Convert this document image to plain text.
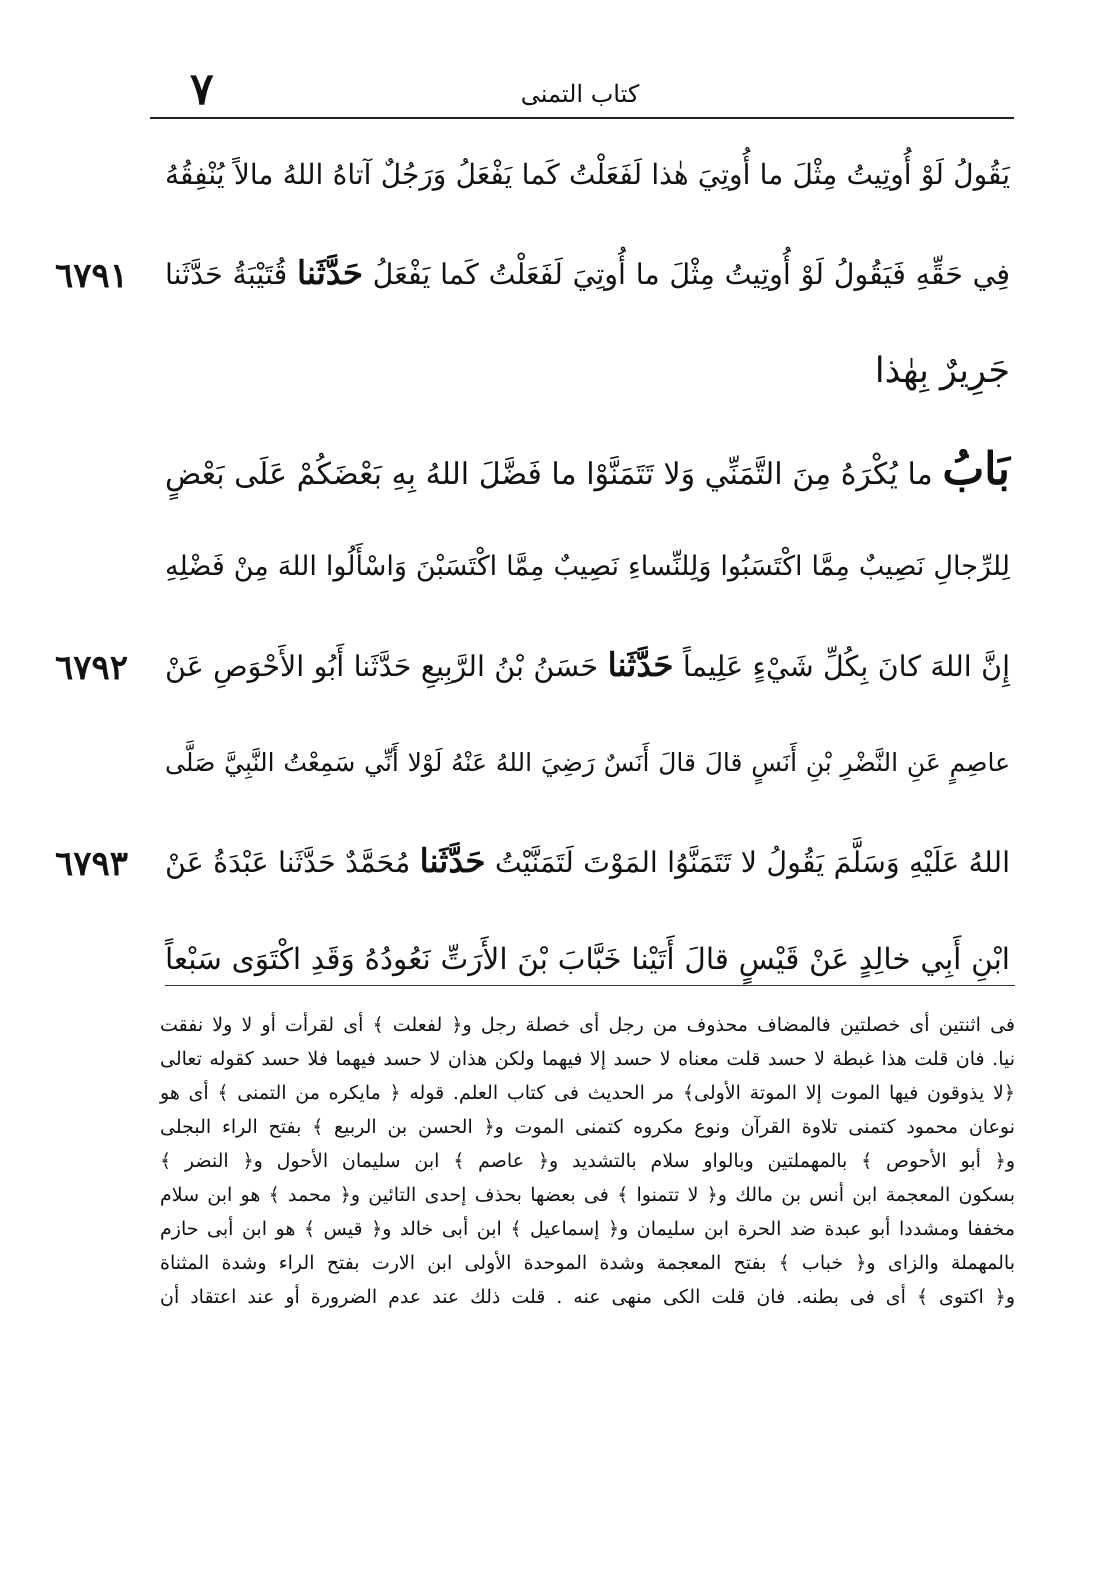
٧	كتاب التمنى
يَقُولُ لَوْ أُوتِيتُ مِثْلَ ما أُوتِيَ هٰذا لَفَعَلْتُ كَما يَفْعَلُ وَرَجُلٌ آتاهُ اللهُ مالاً يُنْفِقُهُ
فِي حَقِّهِ فَيَقُولُ لَوْ أُوتِيتُ مِثْلَ ما أُوتِيَ لَفَعَلْتُ كَما يَفْعَلُ حَدَّثَنا قُتَيْبَةُ حَدَّثَنا
٦٧٩١
جَرِيرٌ بِهٰذا
بَابُ ما يُكْرَهُ مِنَ التَّمَنِّي وَلا تَتَمَنَّوْا ما فَضَّلَ اللهُ بِهِ بَعْضَكُمْ عَلَى بَعْضٍ
لِلرِّجالِ نَصِيبٌ مِمَّا اكْتَسَبُوا وَلِلنِّساءِ نَصِيبٌ مِمَّا اكْتَسَبْنَ وَاسْأَلُوا اللهَ مِنْ فَضْلِهِ
إِنَّ اللهَ كانَ بِكُلِّ شَيْءٍ عَلِيماً حَدَّثَنا حَسَنُ بْنُ الرَّبِيعِ حَدَّثَنا أَبُو الأَحْوَصِ عَنْ
٦٧٩٢
عاصِمٍ عَنِ النَّضْرِ بْنِ أَنَسٍ قالَ قالَ أَنَسٌ رَضِيَ اللهُ عَنْهُ لَوْلا أَنِّي سَمِعْتُ النَّبِيَّ صَلَّى
اللهُ عَلَيْهِ وَسَلَّمَ يَقُولُ لا تَتَمَنَّوُا المَوْتَ لَتَمَنَّيْتُ حَدَّثَنا مُحَمَّدٌ حَدَّثَنا عَبْدَةُ عَنْ
٦٧٩٣
ابْنِ أَبِي خالِدٍ عَنْ قَيْسٍ قالَ أَتَيْنا خَبَّابَ بْنَ الأَرَتِّ نَعُودُهُ وَقَدِ اكْتَوَى سَبْعاً
فى اثنتين أى خصلتين فالمضاف محذوف من رجل أى خصلة رجل و﴿ لفعلت ﴾ أى لقرأت أو لا ولا نفقت
نيا. فان قلت هذا غبطة لا حسد قلت معناه لا حسد إلا فيهما ولكن هذان لا حسد فيهما فلا حسد كقوله تعالى
﴿لا يذوقون فيها الموت إلا الموتة الأولى﴾ مر الحديث فى كتاب العلم. قوله ﴿ مايكره من التمنى ﴾ أى هو
نوعان محمود كتمنى تلاوة القرآن ونوع مكروه كتمنى الموت و﴿ الحسن بن الربيع ﴾ بفتح الراء البجلى
و﴿ أبو الأحوص ﴾ بالمهملتين وبالواو سلام بالتشديد و﴿ عاصم ﴾ ابن سليمان الأحول و﴿ النضر ﴾
بسكون المعجمة ابن أنس بن مالك و﴿ لا تتمنوا ﴾ فى بعضها بحذف إحدى التائين و﴿ محمد ﴾ هو ابن سلام
مخففا ومشددا أبو عبدة ضد الحرة ابن سليمان و﴿ إسماعيل ﴾ ابن أبى خالد و﴿ قيس ﴾ هو ابن أبى حازم
بالمهملة والزاى و﴿ خباب ﴾ بفتح المعجمة وشدة الموحدة الأولى ابن الارت بفتح الراء وشدة المثناة
و﴿ اكتوى ﴾ أى فى بطنه. فان قلت الكى منهى عنه . قلت ذلك عند عدم الضرورة أو عند اعتقاد أن
